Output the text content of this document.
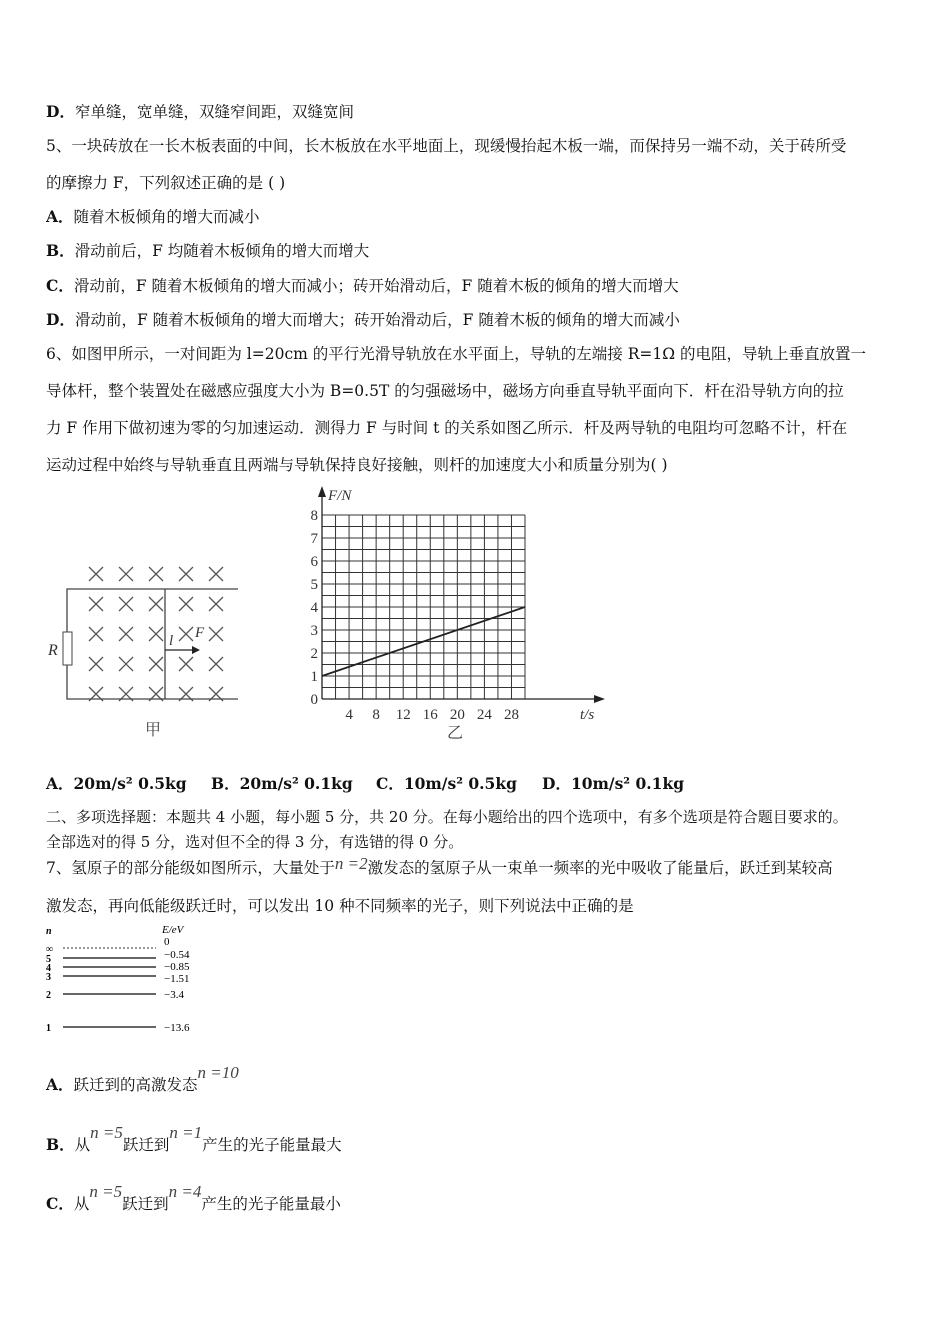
R
l F
甲
4 8 12 16 20 24 28
0
1
2
3
4
5
6
7
8
t/s
F/N
乙
二、多项选择题：本题共 4 小题，每小题 5 分，共 20 分。在每小题给出的四个选项中，有多个选项是符合题目要求的。
全部选对的得 5 分，选对但不全的得 3 分，有选错的得 0 分。
7、氢原子的部分能级如图所示，大量处于n =2激发态的氢原子从一束单一频率的光中吸收了能量后，跃迁到某较高
激发态，再向低能级跃迁时，可以发出 10 种不同频率的光子，则下列说法中正确的是
n	E/eV
∞
0
5	−0.54
4	−0.85
3	−1.51
2	−3.4
1	−13.6
D．窄单缝，宽单缝，双缝窄间距，双缝宽间
5、一块砖放在一长木板表面的中间，长木板放在水平地面上，现缓慢抬起木板一端，而保持另一端不动，关于砖所受
的摩擦力 F，下列叙述正确的是 ( )
A．随着木板倾角的增大而减小
B．滑动前后，F 均随着木板倾角的增大而增大
C．滑动前，F 随着木板倾角的增大而减小；砖开始滑动后，F 随着木板的倾角的增大而增大
D．滑动前，F 随着木板倾角的增大而增大；砖开始滑动后，F 随着木板的倾角的增大而减小
6、如图甲所示，一对间距为 l=20cm 的平行光滑导轨放在水平面上，导轨的左端接 R=1Ω 的电阻，导轨上垂直放置一
导体杆，整个装置处在磁感应强度大小为 B=0.5T 的匀强磁场中，磁场方向垂直导轨平面向下．杆在沿导轨方向的拉
力 F 作用下做初速为零的匀加速运动．测得力 F 与时间 t 的关系如图乙所示．杆及两导轨的电阻均可忽略不计，杆在
运动过程中始终与导轨垂直且两端与导轨保持良好接触，则杆的加速度大小和质量分别为( )
A．20m/s² 0.5kg B．20m/s² 0.1kg C．10m/s² 0.5kg D．10m/s² 0.1kg
A．跃迁到的高激发态n =10
B．从n =5跃迁到n =1产生的光子能量最大
C．从n =5跃迁到n =4产生的光子能量最小
